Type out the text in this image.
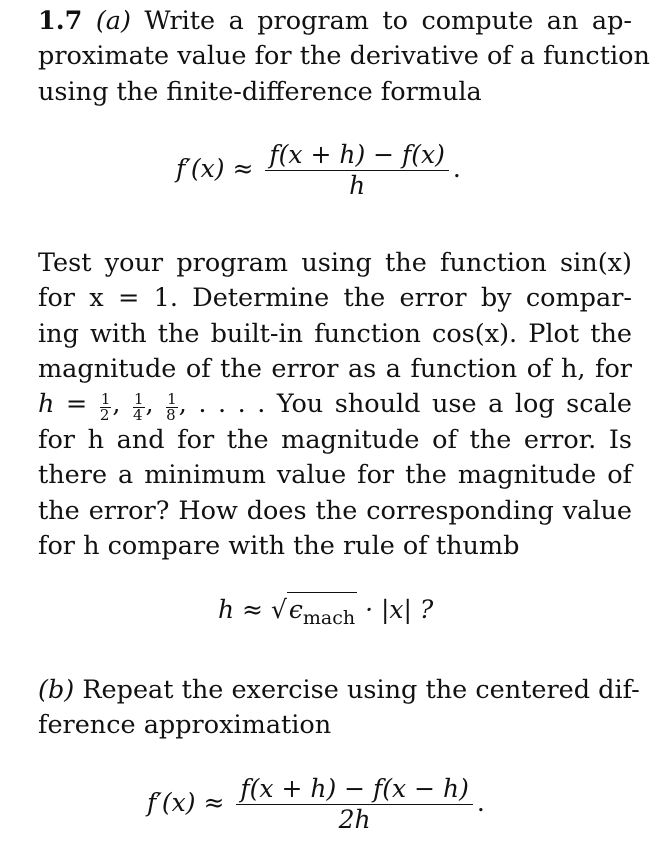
1.7 (a) Write a program to compute an ap-
proximate value for the derivative of a function
using the finite-difference formula

$f'(x) \approx \frac{f(x + h) - f(x)}{h}$ .

Test your program using the function sin(x)
for x = 1. Determine the error by compar-
ing with the built-in function cos(x). Plot the
magnitude of the error as a function of h, for
$h = \frac{1}{2}$ , $\frac{1}{4}$ , $\frac{1}{8}$ , . . . . You should use a log scale
for h and for the magnitude of the error. Is
there a minimum value for the magnitude of
the error? How does the corresponding value
for h compare with the rule of thumb

$h \approx √\epsilon_{mach} \cdot |x|$ ?

(b) Repeat the exercise using the centered dif-
ference approximation

$f'(x) \approx \frac{f(x + h) - f(x - h)}{2h}$ .
